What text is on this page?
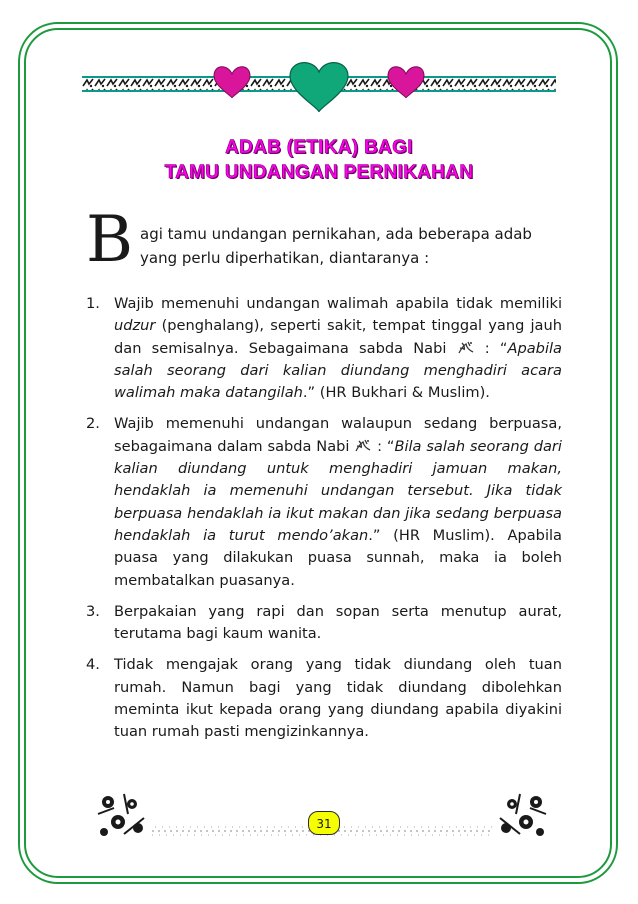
ADAB (ETIKA) BAGI
TAMU UNDANGAN PERNIKAHAN
B agi tamu undangan pernikahan, ada beberapa adab yang perlu diperhatikan, diantaranya :

1. Wajib memenuhi undangan walimah apabila tidak memiliki udzur (penghalang), seperti sakit, tempat tinggal yang jauh dan semisalnya. Sebagaimana sabda Nabi  : “Apabila salah seorang dari kalian diundang menghadiri acara walimah maka datangilah.” (HR Bukhari & Muslim).
2. Wajib memenuhi undangan walaupun sedang berpuasa, sebagaimana dalam sabda Nabi  : “Bila salah seorang dari kalian diundang untuk menghadiri jamuan makan, hendaklah ia memenuhi undangan tersebut. Jika tidak berpuasa hendaklah ia ikut makan dan jika sedang berpuasa hendaklah ia turut mendo’akan.” (HR Muslim). Apabila puasa yang dilakukan puasa sunnah, maka ia boleh membatalkan puasanya.
3. Berpakaian yang rapi dan sopan serta menutup aurat, terutama bagi kaum wanita.
4. Tidak mengajak orang yang tidak diundang oleh tuan rumah. Namun bagi yang tidak diundang dibolehkan meminta ikut kepada orang yang diundang apabila diyakini tuan rumah pasti mengizinkannya.
31
